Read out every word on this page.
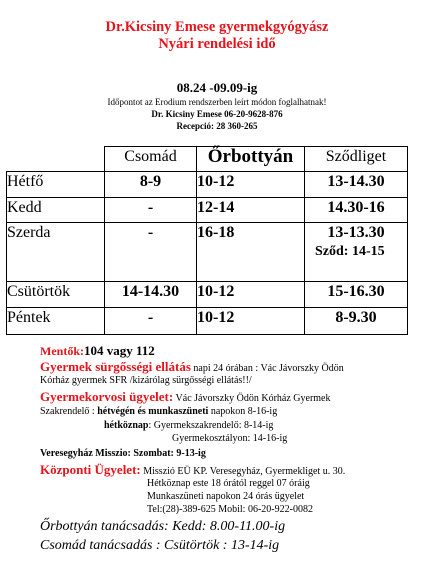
Dr.Kicsiny Emese gyermekgyógyász
Nyári rendelési idő
08.24 -09.09-ig
Időpontot az Erodium rendszerben leírt módon foglalhatnak!
Dr. Kicsiny Emese 06-20-9628-876
Recepció: 28 360-265
	Csomád	Őrbottyán	Sződliget
Hétfő	8-9	10-12	13-14.30
Kedd	-	12-14	14.30-16
Szerda	-	16-18	13-13.30
Sződ: 14-15

Csütörtök	14-14.30	10-12	15-16.30
Péntek	-	10-12	8-9.30
Mentők:104 vagy 112
Gyermek sürgősségi ellátás napi 24 órában : Vác Jávorszky Ödön
Kórház gyermek SFR /kizárólag sürgősségi ellátás!!/
Gyermekorvosi ügyelet: Vác Jávorszky Ödön Kórház Gyermek
Szakrendelő : hétvégén és munkaszüneti napokon 8-16-ig
hétköznap: Gyermekszakrendelő: 8-14-ig
Gyermekosztályon: 14-16-ig
Veresegyház Misszio: Szombat: 9-13-ig
Központi Ügyelet: Misszió EÜ KP. Veresegyház, Gyermekliget u. 30.
Hétköznap este 18 órától reggel 07 óráig
Munkaszüneti napokon 24 órás ügyelet
Tel:(28)-389-625 Mobil: 06-20-922-0082
Őrbottyán tanácsadás: Kedd: 8.00-11.00-ig
Csomád tanácsadás : Csütörtök : 13-14-ig
